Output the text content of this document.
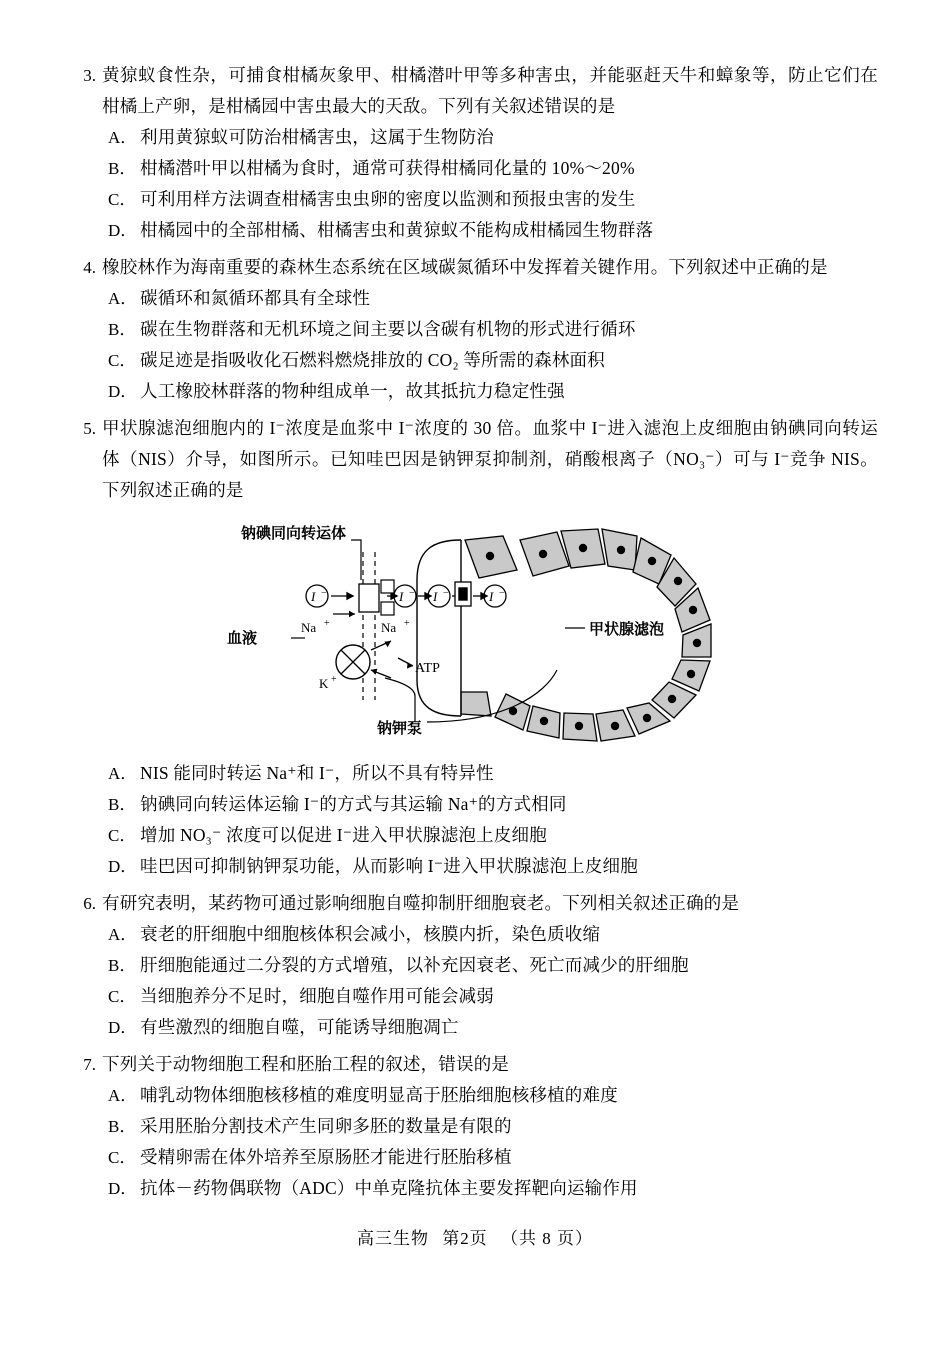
3. 黄猄蚁食性杂，可捕食柑橘灰象甲、柑橘潜叶甲等多种害虫，并能驱赶天牛和蟑象等，防止它们在柑橘上产卵，是柑橘园中害虫最大的天敌。下列有关叙述错误的是
A． 利用黄猄蚁可防治柑橘害虫，这属于生物防治
B． 柑橘潜叶甲以柑橘为食时，通常可获得柑橘同化量的 10%～20%
C． 可利用样方法调查柑橘害虫虫卵的密度以监测和预报虫害的发生
D． 柑橘园中的全部柑橘、柑橘害虫和黄猄蚁不能构成柑橘园生物群落
4. 橡胶林作为海南重要的森林生态系统在区域碳氮循环中发挥着关键作用。下列叙述中正确的是
A． 碳循环和氮循环都具有全球性
B． 碳在生物群落和无机环境之间主要以含碳有机物的形式进行循环
C． 碳足迹是指吸收化石燃料燃烧排放的 CO₂ 等所需的森林面积
D． 人工橡胶林群落的物种组成单一，故其抵抗力稳定性强
5. 甲状腺滤泡细胞内的 I⁻浓度是血浆中 I⁻浓度的 30 倍。血浆中 I⁻进入滤泡上皮细胞由钠碘同向转运体（NIS）介导，如图所示。已知哇巴因是钠钾泵抑制剂，硝酸根离子（NO₃⁻）可与 I⁻竞争 NIS。下列叙述正确的是
钠碘同向转运体
I −	I − I −	I −
Na +	Na +
K +
ATP
血液
钠钾泵
甲状腺滤泡
A． NIS 能同时转运 Na⁺和 I⁻，所以不具有特异性
B． 钠碘同向转运体运输 I⁻的方式与其运输 Na⁺的方式相同
C． 增加 NO₃⁻ 浓度可以促进 I⁻进入甲状腺滤泡上皮细胞
D． 哇巴因可抑制钠钾泵功能，从而影响 I⁻进入甲状腺滤泡上皮细胞
6. 有研究表明，某药物可通过影响细胞自噬抑制肝细胞衰老。下列相关叙述正确的是
A． 衰老的肝细胞中细胞核体积会减小，核膜内折，染色质收缩
B． 肝细胞能通过二分裂的方式增殖，以补充因衰老、死亡而减少的肝细胞
C． 当细胞养分不足时，细胞自噬作用可能会减弱
D． 有些激烈的细胞自噬，可能诱导细胞凋亡
7. 下列关于动物细胞工程和胚胎工程的叙述，错误的是
A． 哺乳动物体细胞核移植的难度明显高于胚胎细胞核移植的难度
B． 采用胚胎分割技术产生同卵多胚的数量是有限的
C． 受精卵需在体外培养至原肠胚才能进行胚胎移植
D． 抗体－药物偶联物（ADC）中单克隆抗体主要发挥靶向运输作用
高三生物 第2页 （共 8 页）
